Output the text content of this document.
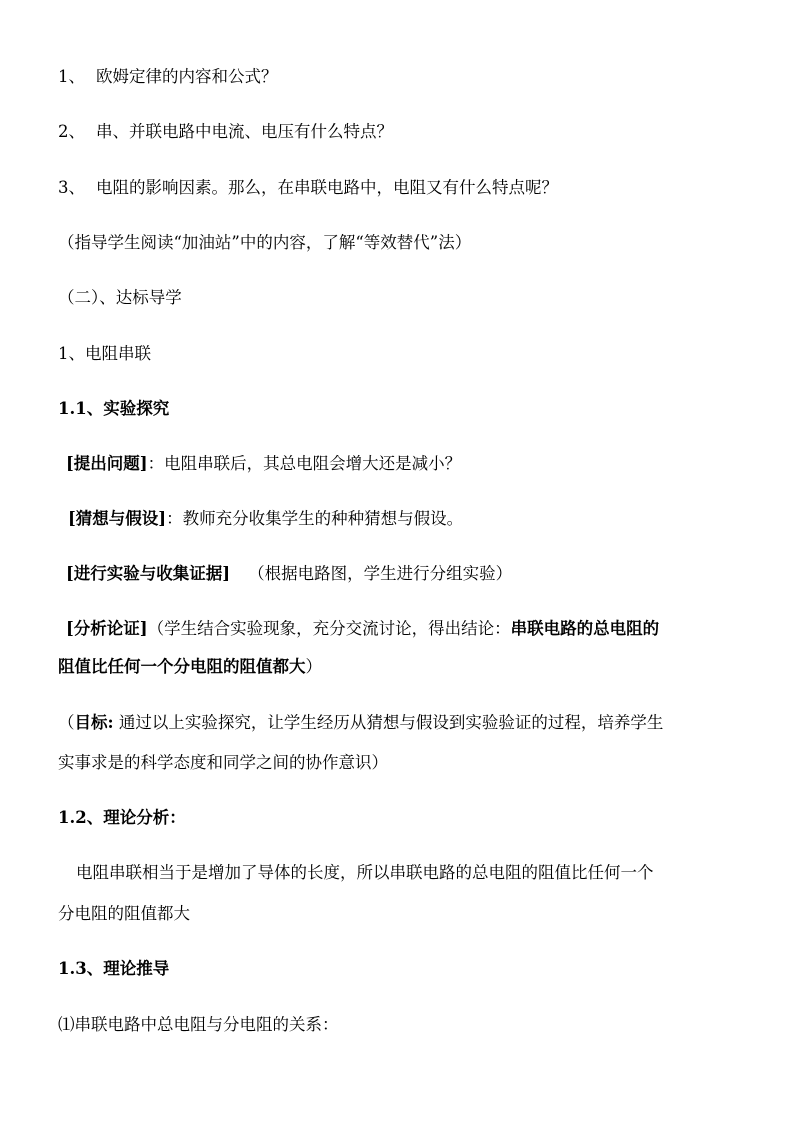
1、 欧姆定律的内容和公式？
2、 串、并联电路中电流、电压有什么特点？
3、 电阻的影响因素。那么，在串联电路中，电阻又有什么特点呢？
（指导学生阅读“加油站”中的内容，了解“等效替代”法）
（二）、达标导学
1、电阻串联
1.1、实验探究
[提出问题]：电阻串联后，其总电阻会增大还是减小？
[猜想与假设]：教师充分收集学生的种种猜想与假设。
[进行实验与收集证据] （根据电路图，学生进行分组实验）
[分析论证]（学生结合实验现象，充分交流讨论，得出结论：串联电路的总电阻的
阻值比任何一个分电阻的阻值都大）
（目标: 通过以上实验探究，让学生经历从猜想与假设到实验验证的过程，培养学生
实事求是的科学态度和同学之间的协作意识）
1.2、理论分析：
电阻串联相当于是增加了导体的长度，所以串联电路的总电阻的阻值比任何一个
分电阻的阻值都大
1.3、理论推导
⑴串联电路中总电阻与分电阻的关系：
